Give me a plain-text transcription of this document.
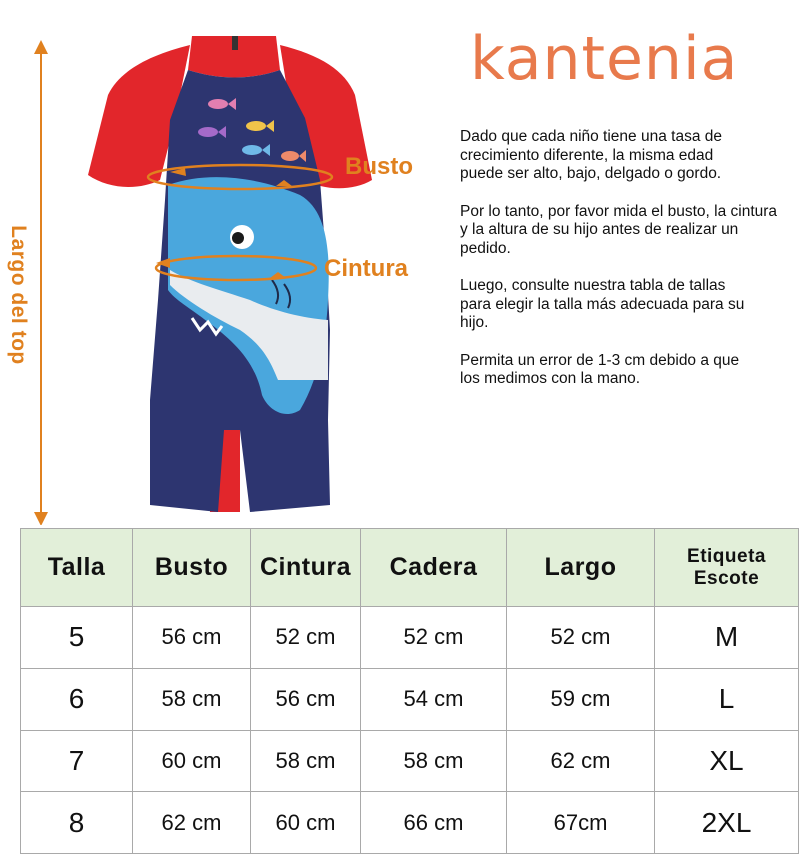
Largo del top
Busto
Cintura
kantenia

Dado que cada niño tiene una tasa de crecimiento diferente, la misma edad
puede ser alto, bajo, delgado o gordo.

Por lo tanto, por favor mida el busto, la cintura y la altura de su hijo antes de realizar un pedido.

Luego, consulte nuestra tabla de tallas
para elegir la talla más adecuada para su
hijo.

Permita un error de 1-3 cm debido a que
los medimos con la mano.

Talla	Busto	Cintura	Cadera	Largo	Etiqueta
Escote
5	56 cm	52 cm	52 cm	52 cm	M
6	58 cm	56 cm	54 cm	59 cm	L
7	60 cm	58 cm	58 cm	62 cm	XL
8	62 cm	60 cm	66 cm	67cm	2XL
